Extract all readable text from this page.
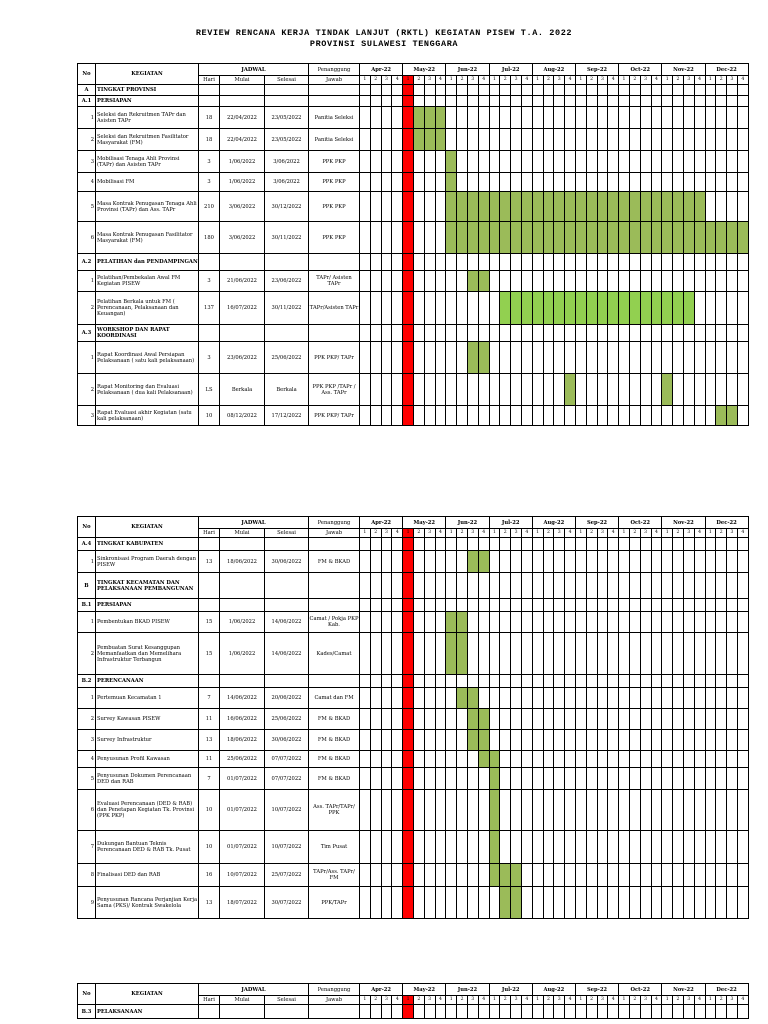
REVIEW RENCANA KERJA TINDAK LANJUT (RKTL) KEGIATAN PISEW T.A. 2022
PROVINSI SULAWESI TENGGARA
No	KEGIATAN	JADWAL			Penanggung	Apr-22				May-22				Jun-22				Jul-22				Aug-22				Sep-22				Oct-22				Nov-22				Dec-22			
		Hari	Mulai	Selesai	Jawab	1	2	3	4	1	2	3	4	1	2	3	4	1	2	3	4	1	2	3	4	1	2	3	4	1	2	3	4	1	2	3	4	1	2	3	4
A	TINGKAT PROVINSI																																								
A.1	PERSIAPAN																																								
1	Seleksi dan Rekruitmen TAPr dan Asisten TAPr	18	22/04/2022	23/05/2022	Panitia Seleksi																																				
2	Seleksi dan Rekruitmen Fasilitator Masyarakat (FM)	18	22/04/2022	23/05/2022	Panitia Seleksi																																				
3	Mobilisasi Tenaga Ahli Provinsi (TAPr) dan Asisten TAPr	3	1/06/2022	3/06/2022	PPK PKP																																				
4	Mobilisasi FM	3	1/06/2022	3/06/2022	PPK PKP																																				
5	Masa Kontrak Penugasan Tenaga Ahli Provinsi (TAPr) dan Ass. TAPr	210	3/06/2022	30/12/2022	PPK PKP																																				
6	Masa Kontrak Penugasan Fasilitator Masyarakat (FM)	180	3/06/2022	30/11/2022	PPK PKP																																				
A.2	PELATIHAN dan PENDAMPINGAN																																								
1	Pelatihan/Pembekalan Awal FM Kegiatan PISEW	3	21/06/2022	23/06/2022	TAPr/ Asisten TAPr																																				
2	Pelatihan Berkala untuk FM ( Perencanaan, Pelaksanaan dan Keuangan)	137	16/07/2022	30/11/2022	TAPr/Asisten TAPr																																				
A.3	WORKSHOP DAN RAPAT KOORDINASI																																								
1	Rapat Koordinasi Awal Persiapan Pelaksanaan ( satu kali pelaksanaan)	3	23/06/2022	25/06/2022	PPK PKP/ TAPr																																				
2	Rapat Monitoring dan Evaluasi Pelaksanaan ( dua kali Pelaksanaan)	LS	Berkala	Berkala	PPK PKP /TAPr / Ass. TAPr																																				
3	Rapat Evaluasi akhir Kegiatan (satu kali pelaksanaan)	10	08/12/2022	17/12/2022	PPK PKP/ TAPr																																				
No	KEGIATAN	JADWAL			Penanggung	Apr-22				May-22				Jun-22				Jul-22				Aug-22				Sep-22				Oct-22				Nov-22				Dec-22			
		Hari	Mulai	Selesai	Jawab	1	2	3	4	1	2	3	4	1	2	3	4	1	2	3	4	1	2	3	4	1	2	3	4	1	2	3	4	1	2	3	4	1	2	3	4
A.4	TINGKAT KABUPATEN																																								
1	Sinkronisasi Program Daerah dengan PISEW	13	18/06/2022	30/06/2022	FM & BKAD																																				
B	TINGKAT KECAMATAN DAN PELAKSANAAN PEMBANGUNAN																																								
B.1	PERSIAPAN																																								
1	Pembentukan BKAD PISEW	15	1/06/2022	14/06/2022	Camat / Pokja PKP Kab.																																				
2	Pembuatan Surat Kesanggupan Memanfaatkan dan Memelihara Infrastruktur Terbangun	15	1/06/2022	14/06/2022	Kades/Camat																																				
B.2	PERENCANAAN																																								
1	Pertemuan Kecamatan 1	7	14/06/2022	20/06/2022	Camat dan FM																																				
2	Survey Kawasan PISEW	11	16/06/2022	25/06/2022	FM & BKAD																																				
3	Survey Infrastruktur	13	18/06/2022	30/06/2022	FM & BKAD																																				
4	Penyusunan Profil Kawasan	11	25/06/2022	07/07/2022	FM & BKAD																																				
5	Penyusunan Dokumen Perencanaan DED dan RAB	7	01/07/2022	07/07/2022	FM & BKAD																																				
6	Evaluasi Perencanaan (DED & RAB) dan Penetapan Kegiatan Tk. Provinsi (PPK PKP)	10	01/07/2022	10/07/2022	Ass. TAPr/TAPr/ PPK																																				
7	Dukungan Bantuan Teknis Perencanaan DED & RAB Tk. Pusat	10	01/07/2022	10/07/2022	Tim Pusat																																				
8	Finalisasi DED dan RAB	16	10/07/2022	25/07/2022	TAPr/Ass. TAPr/ FM																																				
9	Penyusunan Rancana Perjanjian Kerja Sama (PKS)/ Kontrak Swakelola	13	18/07/2022	30/07/2022	PPK/TAPr																																				
No	KEGIATAN	JADWAL			Penanggung	Apr-22				May-22				Jun-22				Jul-22				Aug-22				Sep-22				Oct-22				Nov-22				Dec-22			
		Hari	Mulai	Selesai	Jawab	1	2	3	4	1	2	3	4	1	2	3	4	1	2	3	4	1	2	3	4	1	2	3	4	1	2	3	4	1	2	3	4	1	2	3	4
B.3	PELAKSANAAN																																								
